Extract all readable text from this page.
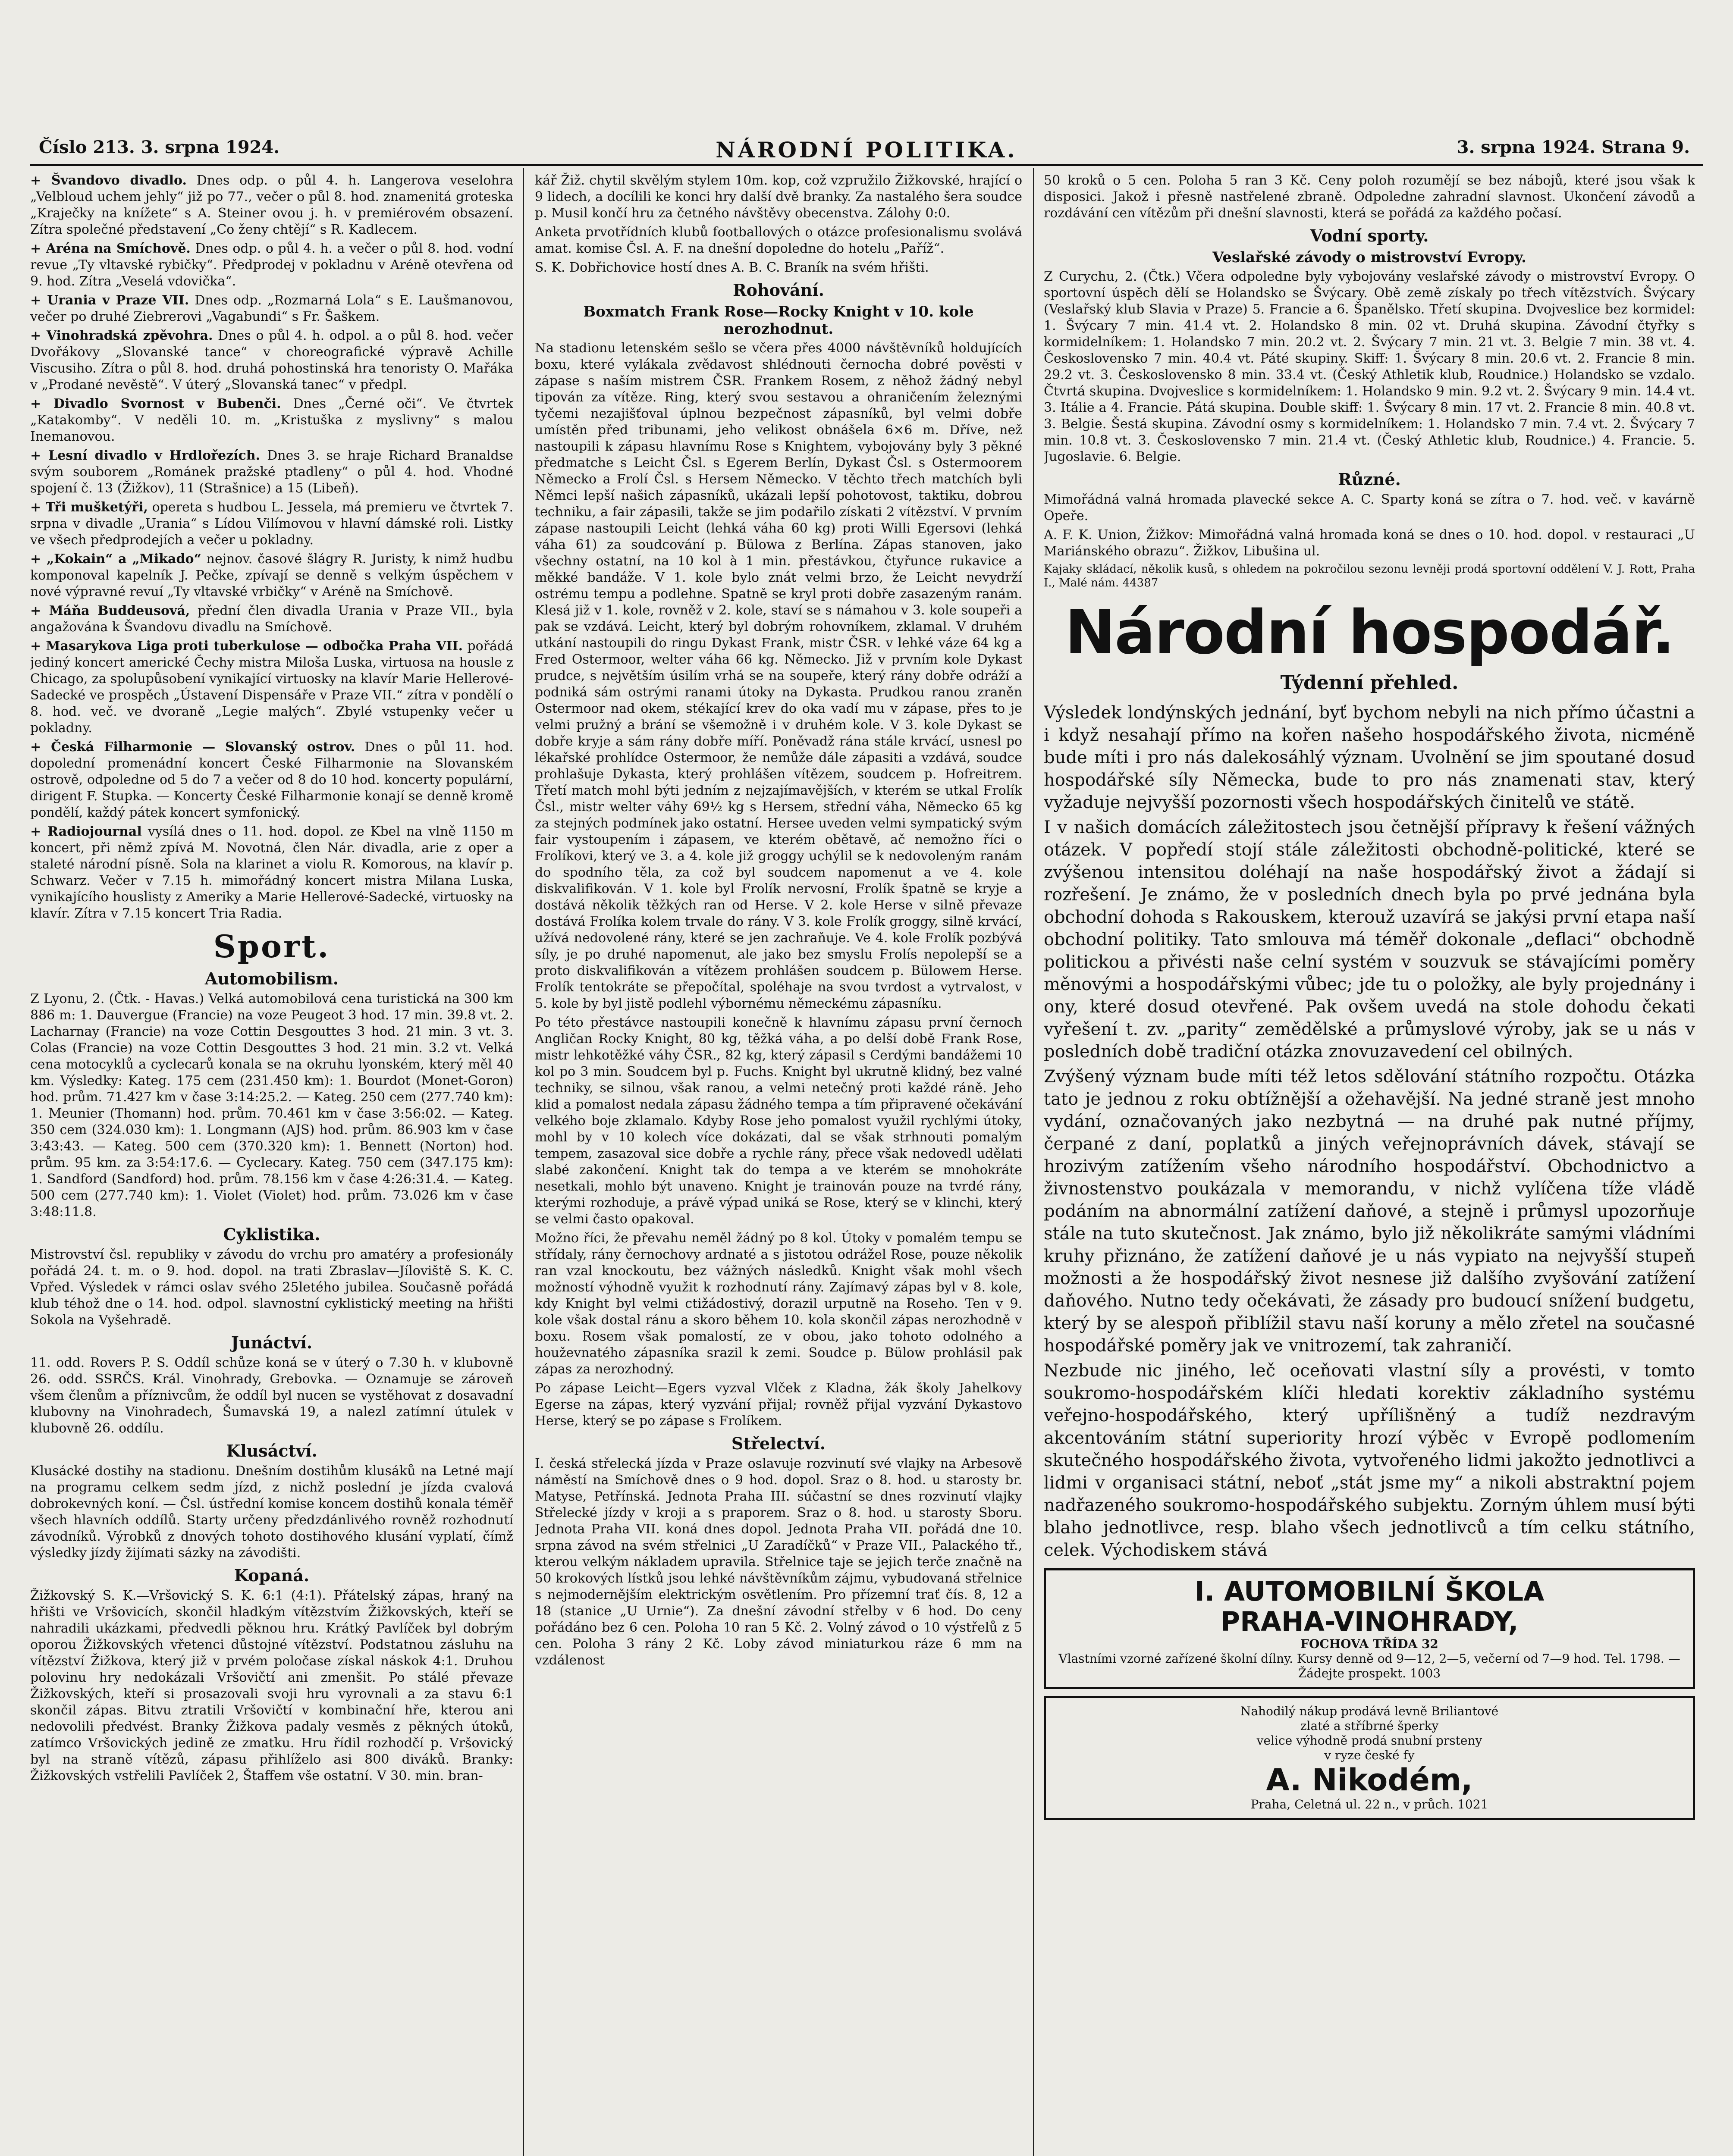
Číslo 213. 3. srpna 1924.	NÁRODNÍ POLITIKA.	3. srpna 1924. Strana 9.

+ Švandovo divadlo. Dnes odp. o půl 4. h. Langerova veselohra „Velbloud uchem jehly“ již po 77., večer o půl 8. hod. znamenitá groteska „Kraječky na knížete“ s A. Steiner ovou j. h. v premiérovém obsazení. Zítra společné představení „Co ženy chtějí“ s R. Kadlecem.

+ Aréna na Smíchově. Dnes odp. o půl 4. h. a večer o půl 8. hod. vodní revue „Ty vltavské rybičky“. Předprodej v pokladnu v Aréně otevřena od 9. hod. Zítra „Veselá vdovička“.

+ Urania v Praze VII. Dnes odp. „Rozmarná Lola“ s E. Laušmanovou, večer po druhé Ziebrerovi „Vagabundi“ s Fr. Šaškem.

+ Vinohradská zpěvohra. Dnes o půl 4. h. odpol. a o půl 8. hod. večer Dvořákovy „Slovanské tance“ v choreografické výpravě Achille Viscusiho. Zítra o půl 8. hod. druhá pohostinská hra tenoristy O. Mařáka v „Prodané nevěstě“. V úterý „Slovanská tanec“ v předpl.

+ Divadlo Svornost v Bubenči. Dnes „Černé oči“. Ve čtvrtek „Katakomby“. V neděli 10. m. „Kristuška z myslivny“ s malou Inemanovou.

+ Lesní divadlo v Hrdlořezích. Dnes 3. se hraje Richard Branaldse svým souborem „Románek pražské ptadleny“ o půl 4. hod. Vhodné spojení č. 13 (Žižkov), 11 (Strašnice) a 15 (Libeň).

+ Tři mušketýři, opereta s hudbou L. Jessela, má premieru ve čtvrtek 7. srpna v divadle „Urania“ s Lídou Vilímovou v hlavní dámské roli. Listky ve všech předprodejích a večer u pokladny.

+ „Kokain“ a „Mikado“ nejnov. časové šlágry R. Juristy, k nimž hudbu komponoval kapelník J. Pečke, zpívají se denně s velkým úspěchem v nové výpravné revuí „Ty vltavské vrbičky“ v Aréně na Smíchově.

+ Máňa Buddeusová, přední člen divadla Urania v Praze VII., byla angažována k Švandovu divadlu na Smíchově.

+ Masarykova Liga proti tuberkulose — odbočka Praha VII. pořádá jediný koncert americké Čechy mistra Miloša Luska, virtuosa na housle z Chicago, za spolupůsobení vynikající virtuosky na klavír Marie Hellerové-Sadecké ve prospěch „Ústavení Dispensáře v Praze VII.“ zítra v pondělí o 8. hod. več. ve dvoraně „Legie malých“. Zbylé vstupenky večer u pokladny.

+ Česká Filharmonie — Slovanský ostrov. Dnes o půl 11. hod. dopolední promenádní koncert České Filharmonie na Slovanském ostrově, odpoledne od 5 do 7 a večer od 8 do 10 hod. koncerty populární, dirigent F. Stupka. — Koncerty České Filharmonie konají se denně kromě pondělí, každý pátek koncert symfonický.

+ Radiojournal vysílá dnes o 11. hod. dopol. ze Kbel na vlně 1150 m koncert, při němž zpívá M. Novotná, člen Nár. divadla, arie z oper a staleté národní písně. Sola na klarinet a violu R. Komorous, na klavír p. Schwarz. Večer v 7.15 h. mimořádný koncert mistra Milana Luska, vynikajícího houslisty z Ameriky a Marie Hellerové-Sadecké, virtuosky na klavír. Zítra v 7.15 koncert Tria Radia.

Sport.
Automobilism.

Z Lyonu, 2. (Čtk. - Havas.) Velká automobilová cena turistická na 300 km 886 m: 1. Dauvergue (Francie) na voze Peugeot 3 hod. 17 min. 39.8 vt. 2. Lacharnay (Francie) na voze Cottin Desgouttes 3 hod. 21 min. 3 vt. 3. Colas (Francie) na voze Cottin Desgouttes 3 hod. 21 min. 3.2 vt. Velká cena motocyklů a cyclecarů konala se na okruhu lyonském, který měl 40 km. Výsledky: Kateg. 175 cem (231.450 km): 1. Bourdot (Monet-Goron) hod. prům. 71.427 km v čase 3:14:25.2. — Kateg. 250 cem (277.740 km): 1. Meunier (Thomann) hod. prům. 70.461 km v čase 3:56:02. — Kateg. 350 cem (324.030 km): 1. Longmann (AJS) hod. prům. 86.903 km v čase 3:43:43. — Kateg. 500 cem (370.320 km): 1. Bennett (Norton) hod. prům. 95 km. za 3:54:17.6. — Cyclecary. Kateg. 750 cem (347.175 km): 1. Sandford (Sandford) hod. prům. 78.156 km v čase 4:26:31.4. — Kateg. 500 cem (277.740 km): 1. Violet (Violet) hod. prům. 73.026 km v čase 3:48:11.8.

Cyklistika.

Mistrovství čsl. republiky v závodu do vrchu pro amatéry a profesionály pořádá 24. t. m. o 9. hod. dopol. na trati Zbraslav—Jíloviště S. K. C. Vpřed. Výsledek v rámci oslav svého 25letého jubilea. Současně pořádá klub téhož dne o 14. hod. odpol. slavnostní cyklistický meeting na hřišti Sokola na Vyšehradě.

Junáctví.

11. odd. Rovers P. S. Oddíl schůze koná se v úterý o 7.30 h. v klubovně 26. odd. SSRČS. Král. Vinohrady, Grebovka. — Oznamuje se zároveň všem členům a příznivcům, že oddíl byl nucen se vystěhovat z dosavadní klubovny na Vinohradech, Šumavská 19, a nalezl zatímní útulek v klubovně 26. oddílu.

Klusáctví.

Klusácké dostihy na stadionu. Dnešním dostihům klusáků na Letné mají na programu celkem sedm jízd, z nichž poslední je jízda cvalová dobrokevných koní. — Čsl. ústřední komise koncem dostihů konala téměř všech hlavních oddílů. Starty určeny předzdánlivého rovněž rozhodnutí závodníků. Výrobků z dnových tohoto dostihového klusání vyplatí, čímž výsledky jízdy žijímati sázky na závodišti.

Kopaná.

Žižkovský S. K.—Vršovický S. K. 6:1 (4:1). Přátelský zápas, hraný na hřišti ve Vršovicích, skončil hladkým vítězstvím Žižkovských, kteří se nahradili ukázkami, předvedli pěknou hru. Krátký Pavlíček byl dobrým oporou Žižkovských vřetenci důstojné vítězství. Podstatnou zásluhu na vítězství Žižkova, který již v prvém poločase získal náskok 4:1. Druhou polovinu hry nedokázali Vršovičtí ani zmenšit. Po stálé převaze Žižkovských, kteří si prosazovali svoji hru vyrovnali a za stavu 6:1 skončil zápas. Bitvu ztratili Vršovičtí v kombinační hře, kterou ani nedovolili předvést. Branky Žižkova padaly vesměs z pěkných útoků, zatímco Vršovických jedině ze zmatku. Hru řídil rozhodčí p. Vršovický byl na straně vítězů, zápasu přihlíželo asi 800 diváků. Branky: Žižkovských vstřelili Pavlíček 2, Štaffem vše ostatní. V 30. min. bran-

kář Žiž. chytil skvělým stylem 10m. kop, což vzpružilo Žižkovské, hrající o 9 lidech, a docílili ke konci hry další dvě branky. Za nastalého šera soudce p. Musil končí hru za četného návštěvy obecenstva. Zálohy 0:0.

Anketa prvotřídních klubů footballových o otázce profesionalismu svolává amat. komise Čsl. A. F. na dnešní dopoledne do hotelu „Paříž“.

S. K. Dobřichovice hostí dnes A. B. C. Braník na svém hřišti.

Rohování.
Boxmatch Frank Rose—Rocky Knight v 10. kole nerozhodnut.

Na stadionu letenském sešlo se včera přes 4000 návštěvníků holdujících boxu, které vylákala zvědavost shlédnouti černocha dobré pověsti v zápase s naším mistrem ČSR. Frankem Rosem, z něhož žádný nebyl tipován za vítěze. Ring, který svou sestavou a ohraničením železnými tyčemi nezajišťoval úplnou bezpečnost zápasníků, byl velmi dobře umístěn před tribunami, jeho velikost obnášela 6×6 m. Dříve, než nastoupili k zápasu hlavnímu Rose s Knightem, vybojovány byly 3 pěkné předmatche s Leicht Čsl. s Egerem Berlín, Dykast Čsl. s Ostermoorem Německo a Frolí Čsl. s Hersem Německo. V těchto třech matchích byli Němci lepší našich zápasníků, ukázali lepší pohotovost, taktiku, dobrou techniku, a fair zápasili, takže se jim podařilo získati 2 vítězství. V prvním zápase nastoupili Leicht (lehká váha 60 kg) proti Willi Egersovi (lehká váha 61) za soudcování p. Bülowa z Berlína. Zápas stanoven, jako všechny ostatní, na 10 kol à 1 min. přestávkou, čtyřunce rukavice a měkké bandáže. V 1. kole bylo znát velmi brzo, že Leicht nevydrží ostrému tempu a podlehne. Spatně se kryl proti dobře zasazeným ranám. Klesá již v 1. kole, rovněž v 2. kole, staví se s námahou v 3. kole soupeři a pak se vzdává. Leicht, který byl dobrým rohovníkem, zklamal. V druhém utkání nastoupili do ringu Dykast Frank, mistr ČSR. v lehké váze 64 kg a Fred Ostermoor, welter váha 66 kg. Německo. Již v prvním kole Dykast prudce, s největším úsilím vrhá se na soupeře, který rány dobře odráží a podniká sám ostrými ranami útoky na Dykasta. Prudkou ranou zraněn Ostermoor nad okem, stékající krev do oka vadí mu v zápase, přes to je velmi pružný a brání se všemožně i v druhém kole. V 3. kole Dykast se dobře kryje a sám rány dobře míří. Poněvadž rána stále krvácí, usnesl po lékařské prohlídce Ostermoor, že nemůže dále zápasiti a vzdává, soudce prohlašuje Dykasta, který prohlášen vítězem, soudcem p. Hofreitrem. Třetí match mohl býti jedním z nejzajímavějších, v kterém se utkal Frolík Čsl., mistr welter váhy 69½ kg s Hersem, střední váha, Německo 65 kg za stejných podmínek jako ostatní. Hersee uveden velmi sympatický svým fair vystoupením i zápasem, ve kterém obětavě, ač nemožno říci o Frolíkovi, který ve 3. a 4. kole již groggy uchýlil se k nedovoleným ranám do spodního těla, za což byl soudcem napomenut a ve 4. kole diskvalifikován. V 1. kole byl Frolík nervosní, Frolík špatně se kryje a dostává několik těžkých ran od Herse. V 2. kole Herse v silně převaze dostává Frolíka kolem trvale do rány. V 3. kole Frolík groggy, silně krvácí, užívá nedovolené rány, které se jen zachraňuje. Ve 4. kole Frolík pozbývá síly, je po druhé napomenut, ale jako bez smyslu Frolís nepolepší se a proto diskvalifikován a vítězem prohlášen soudcem p. Bülowem Herse. Frolík tentokráte se přepočítal, spoléhaje na svou tvrdost a vytrvalost, v 5. kole by byl jistě podlehl výbornému německému zápasníku.

Po této přestávce nastoupili konečně k hlavnímu zápasu první černoch Angličan Rocky Knight, 80 kg, těžká váha, a po delší době Frank Rose, mistr lehkotěžké váhy ČSR., 82 kg, který zápasil s Cerdými bandážemi 10 kol po 3 min. Soudcem byl p. Fuchs. Knight byl ukrutně klidný, bez valné techniky, se silnou, však ranou, a velmi netečný proti každé ráně. Jeho klid a pomalost nedala zápasu žádného tempa a tím připravené očekávání velkého boje zklamalo. Kdyby Rose jeho pomalost využil rychlými útoky, mohl by v 10 kolech více dokázati, dal se však strhnouti pomalým tempem, zasazoval sice dobře a rychle rány, přece však nedovedl udělati slabé zakončení. Knight tak do tempa a ve kterém se mnohokráte nesetkali, mohlo být unaveno. Knight je trainován pouze na tvrdé rány, kterými rozhoduje, a právě výpad uniká se Rose, který se v klinchi, který se velmi často opakoval.

Možno říci, že převahu neměl žádný po 8 kol. Útoky v pomalém tempu se střídaly, rány černochovy ardnaté a s jistotou odrážel Rose, pouze několik ran vzal knockoutu, bez vážných následků. Knight však mohl všech možností výhodně využit k rozhodnutí rány. Zajímavý zápas byl v 8. kole, kdy Knight byl velmi ctižádostivý, dorazil urputně na Roseho. Ten v 9. kole však dostal ránu a skoro během 10. kola skončil zápas nerozhodně v boxu. Rosem však pomalostí, ze v obou, jako tohoto odolného a houževnatého zápasníka srazil k zemi. Soudce p. Bülow prohlásil pak zápas za nerozhodný.

Po zápase Leicht—Egers vyzval Vlček z Kladna, žák školy Jahelkovy Egerse na zápas, který vyzvání přijal; rovněž přijal vyzvání Dykastovo Herse, který se po zápase s Frolíkem.

Střelectví.

I. česká střelecká jízda v Praze oslavuje rozvinutí své vlajky na Arbesově náměstí na Smíchově dnes o 9 hod. dopol. Sraz o 8. hod. u starosty br. Matyse, Petřínská. Jednota Praha III. súčastní se dnes rozvinutí vlajky Střelecké jízdy v kroji a s praporem. Sraz o 8. hod. u starosty Sboru. Jednota Praha VII. koná dnes dopol. Jednota Praha VII. pořádá dne 10. srpna závod na svém střelnici „U Zaradíčků“ v Praze VII., Palackého tř., kterou velkým nákladem upravila. Střelnice taje se jejich terče značně na 50 krokových lístků jsou lehké návštěvníkům zájmu, vybudovaná střelnice s nejmodernějším elektrickým osvětlením. Pro přízemní trať čís. 8, 12 a 18 (stanice „U Urnie“). Za dnešní závodní střelby v 6 hod. Do ceny pořádáno bez 6 cen. Poloha 10 ran 5 Kč. 2. Volný závod o 10 výstřelů z 5 cen. Poloha 3 rány 2 Kč. Loby závod miniaturkou ráze 6 mm na vzdálenost

50 kroků o 5 cen. Poloha 5 ran 3 Kč. Ceny poloh rozumějí se bez nábojů, které jsou však k disposici. Jakož i přesně nastřelené zbraně. Odpoledne zahradní slavnost. Ukončení závodů a rozdávání cen vítězům při dnešní slavnosti, která se pořádá za každého počasí.

Vodní sporty.
Veslařské závody o mistrovství Evropy.

Z Curychu, 2. (Čtk.) Včera odpoledne byly vybojovány veslařské závody o mistrovství Evropy. O sportovní úspěch dělí se Holandsko se Švýcary. Obě země získaly po třech vítězstvích. Švýcary (Veslařský klub Slavia v Praze) 5. Francie a 6. Španělsko. Třetí skupina. Dvojveslice bez kormidel: 1. Švýcary 7 min. 41.4 vt. 2. Holandsko 8 min. 02 vt. Druhá skupina. Závodní čtyřky s kormidelníkem: 1. Holandsko 7 min. 20.2 vt. 2. Švýcary 7 min. 21 vt. 3. Belgie 7 min. 38 vt. 4. Československo 7 min. 40.4 vt. Páté skupiny. Skiff: 1. Švýcary 8 min. 20.6 vt. 2. Francie 8 min. 29.2 vt. 3. Československo 8 min. 33.4 vt. (Český Athletik klub, Roudnice.) Holandsko se vzdalo. Čtvrtá skupina. Dvojveslice s kormidelníkem: 1. Holandsko 9 min. 9.2 vt. 2. Švýcary 9 min. 14.4 vt. 3. Itálie a 4. Francie. Pátá skupina. Double skiff: 1. Švýcary 8 min. 17 vt. 2. Francie 8 min. 40.8 vt. 3. Belgie. Šestá skupina. Závodní osmy s kormidelníkem: 1. Holandsko 7 min. 7.4 vt. 2. Švýcary 7 min. 10.8 vt. 3. Československo 7 min. 21.4 vt. (Český Athletic klub, Roudnice.) 4. Francie. 5. Jugoslavie. 6. Belgie.

Různé.

Mimořádná valná hromada plavecké sekce A. C. Sparty koná se zítra o 7. hod. več. v kavárně Opeře.

A. F. K. Union, Žižkov: Mimořádná valná hromada koná se dnes o 10. hod. dopol. v restauraci „U Mariánského obrazu“. Žižkov, Libušina ul.

Kajaky skládací, několik kusů, s ohledem na pokročilou sezonu levněji prodá sportovní oddělení V. J. Rott, Praha I., Malé nám. 44387

Národní hospodář.
Týdenní přehled.

Výsledek londýnských jednání, byť bychom nebyli na nich přímo účastni a i když nesahají přímo na kořen našeho hospodářského života, nicméně bude míti i pro nás dalekosáhlý význam. Uvolnění se jim spoutané dosud hospodářské síly Německa, bude to pro nás znamenati stav, který vyžaduje nejvyšší pozornosti všech hospodářských činitelů ve státě.

I v našich domácích záležitostech jsou četnější přípravy k řešení vážných otázek. V popředí stojí stále záležitosti obchodně-politické, které se zvýšenou intensitou doléhají na naše hospodářský život a žádají si rozřešení. Je známo, že v posledních dnech byla po prvé jednána byla obchodní dohoda s Rakouskem, kterouž uzavírá se jakýsi první etapa naší obchodní politiky. Tato smlouva má téměř dokonale „deflaci“ obchodně politickou a přivésti naše celní systém v souzvuk se stávajícími poměry měnovými a hospodářskými vůbec; jde tu o položky, ale byly projednány i ony, které dosud otevřené. Pak ovšem uvedá na stole dohodu čekati vyřešení t. zv. „parity“ zemědělské a průmyslové výroby, jak se u nás v posledních době tradiční otázka znovuzavedení cel obilných.

Zvýšený význam bude míti též letos sdělování státního rozpočtu. Otázka tato je jednou z roku obtížnější a ožehavější. Na jedné straně jest mnoho vydání, označovaných jako nezbytná — na druhé pak nutné příjmy, čerpané z daní, poplatků a jiných veřejnoprávních dávek, stávají se hrozivým zatížením všeho národního hospodářství. Obchodnictvo a živnostenstvo poukázala v memorandu, v nichž vylíčena tíže vládě podáním na abnormální zatížení daňové, a stejně i průmysl upozorňuje stále na tuto skutečnost. Jak známo, bylo již několikráte samými vládními kruhy přiznáno, že zatížení daňové je u nás vypiato na nejvyšší stupeň možnosti a že hospodářský život nesnese již dalšího zvyšování zatížení daňového. Nutno tedy očekávati, že zásady pro budoucí snížení budgetu, který by se alespoň přiblížil stavu naší koruny a mělo zřetel na současné hospodářské poměry jak ve vnitrozemí, tak zahraničí.

Nezbude nic jiného, leč oceňovati vlastní síly a provésti, v tomto soukromo-hospodářském klíči hledati korektiv základního systému veřejno-hospodářského, který upřílišněný a tudíž nezdravým akcentováním státní superiority hrozí výběc v Evropě podlomením skutečného hospodářského života, vytvořeného lidmi jakožto jednotlivci a lidmi v organisaci státní, neboť „stát jsme my“ a nikoli abstraktní pojem nadřazeného soukromo-hospodářského subjektu. Zorným úhlem musí býti blaho jednotlivce, resp. blaho všech jednotlivců a tím celku státního, celek. Východiskem stává

I. AUTOMOBILNÍ ŠKOLA
PRAHA-VINOHRADY,
FOCHOVA TŘÍDA 32
Vlastními vzorné zařízené školní dílny. Kursy denně od 9—12, 2—5, večerní od 7—9 hod. Tel. 1798. — Žádejte prospekt. 1003
Nahodilý nákup prodává levně Briliantové
zlaté a stříbrné šperky
velice výhodně prodá snubní prsteny
v ryze české fy
A. Nikodém,
Praha, Celetná ul. 22 n., v průch. 1021
